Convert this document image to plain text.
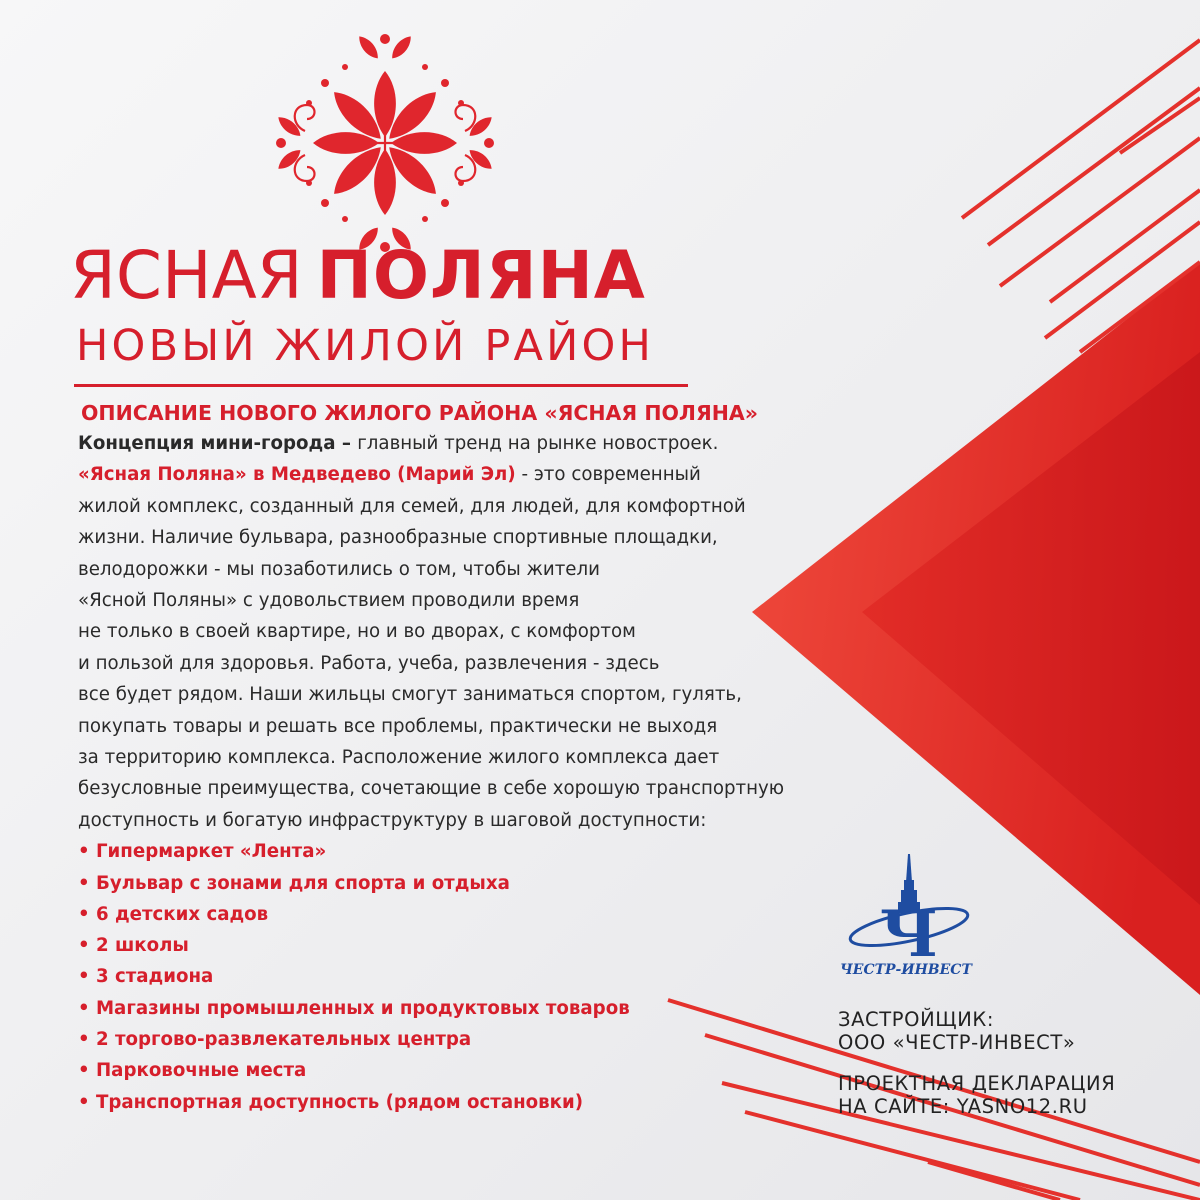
ЯСНАЯ ПОЛЯНА
НОВЫЙ ЖИЛОЙ РАЙОН
ОПИСАНИЕ НОВОГО ЖИЛОГО РАЙОНА «ЯСНАЯ ПОЛЯНА»
Концепция мини-города – главный тренд на рынке новостроек.
«Ясная Поляна» в Медведево (Марий Эл) - это современный
жилой комплекс, созданный для семей, для людей, для комфортной
жизни. Наличие бульвара, разнообразные спортивные площадки,
велодорожки - мы позаботились о том, чтобы жители
«Ясной Поляны» с удовольствием проводили время
не только в своей квартире, но и во дворах, с комфортом
и пользой для здоровья. Работа, учеба, развлечения - здесь
все будет рядом. Наши жильцы смогут заниматься спортом, гулять,
покупать товары и решать все проблемы, практически не выходя
за территорию комплекса. Расположение жилого комплекса дает
безусловные преимущества, сочетающие в себе хорошую транспортную
доступность и богатую инфраструктуру в шаговой доступности:
• Гипермаркет «Лента»
• Бульвар с зонами для спорта и отдыха
• 6 детских садов
• 2 школы
• 3 стадиона
• Магазины промышленных и продуктовых товаров
• 2 торгово-развлекательных центра
• Парковочные места
• Транспортная доступность (рядом остановки)
Ч
ЧЕСТР-ИНВЕСТ
ЗАСТРОЙЩИК:
ООО «ЧЕСТР-ИНВЕСТ»
ПРОЕКТНАЯ ДЕКЛАРАЦИЯ
НА САЙТЕ: YASNO12.RU
